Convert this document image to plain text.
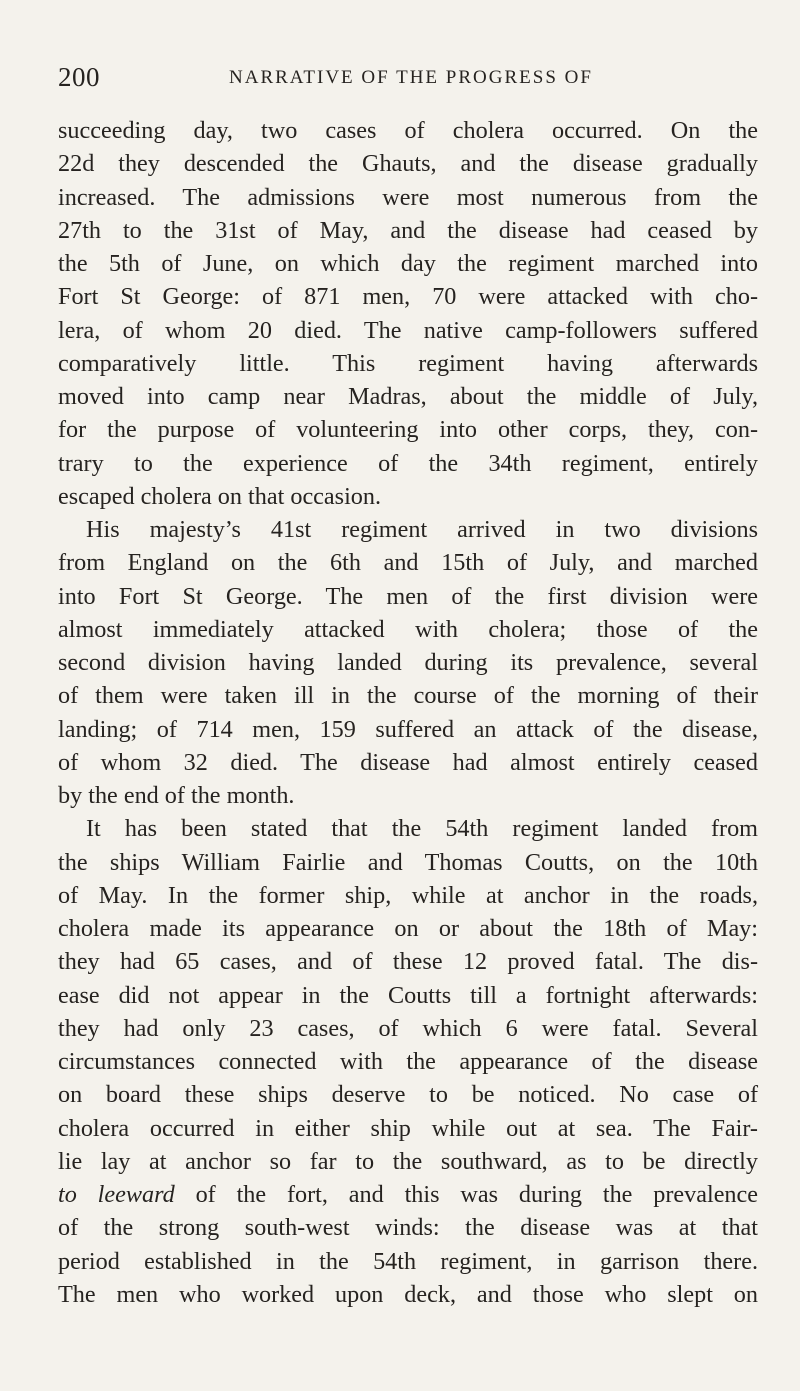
200	NARRATIVE OF THE PROGRESS OF
succeeding day, two cases of cholera occurred. On the
22d they descended the Ghauts, and the disease gradually
increased. The admissions were most numerous from the
27th to the 31st of May, and the disease had ceased by
the 5th of June, on which day the regiment marched into
Fort St George: of 871 men, 70 were attacked with cho-
lera, of whom 20 died. The native camp-followers suffered
comparatively little. This regiment having afterwards
moved into camp near Madras, about the middle of July,
for the purpose of volunteering into other corps, they, con-
trary to the experience of the 34th regiment, entirely
escaped cholera on that occasion.
His majesty’s 41st regiment arrived in two divisions
from England on the 6th and 15th of July, and marched
into Fort St George. The men of the first division were
almost immediately attacked with cholera; those of the
second division having landed during its prevalence, several
of them were taken ill in the course of the morning of their
landing; of 714 men, 159 suffered an attack of the disease,
of whom 32 died. The disease had almost entirely ceased
by the end of the month.
It has been stated that the 54th regiment landed from
the ships William Fairlie and Thomas Coutts, on the 10th
of May. In the former ship, while at anchor in the roads,
cholera made its appearance on or about the 18th of May:
they had 65 cases, and of these 12 proved fatal. The dis-
ease did not appear in the Coutts till a fortnight afterwards:
they had only 23 cases, of which 6 were fatal. Several
circumstances connected with the appearance of the disease
on board these ships deserve to be noticed. No case of
cholera occurred in either ship while out at sea. The Fair-
lie lay at anchor so far to the southward, as to be directly
to leeward of the fort, and this was during the prevalence
of the strong south-west winds: the disease was at that
period established in the 54th regiment, in garrison there.
The men who worked upon deck, and those who slept on
